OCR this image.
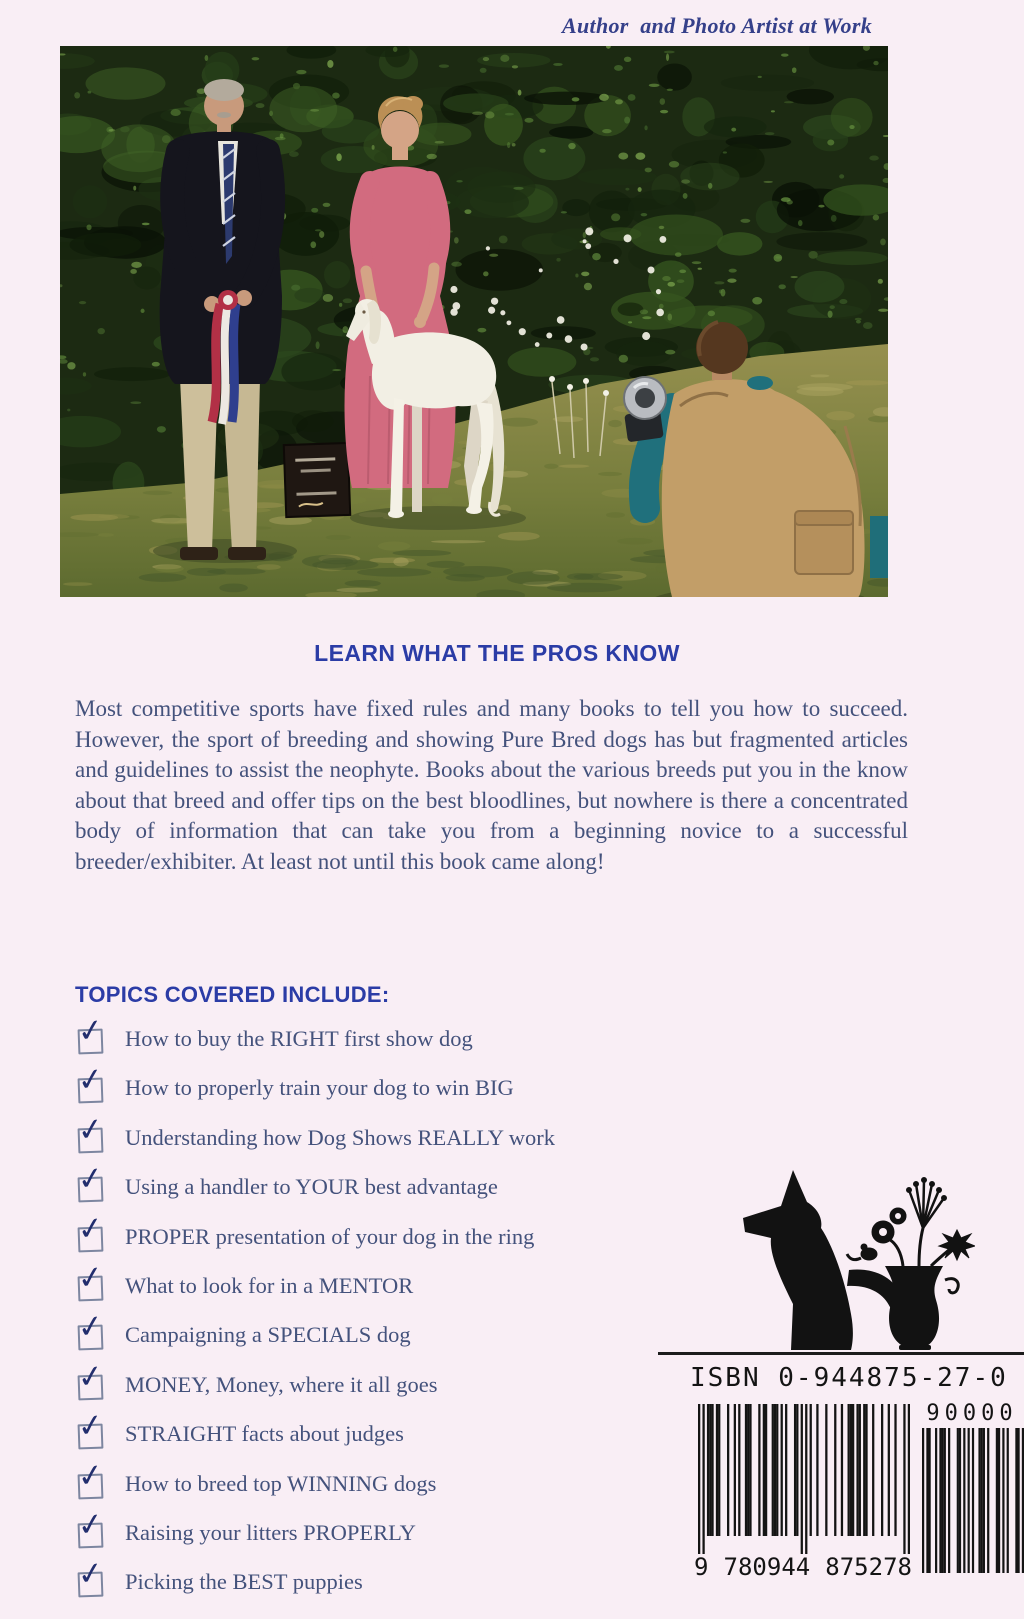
Author  and Photo Artist at Work
LEARN WHAT THE PROS KNOW

Most competitive sports have fixed rules and many books to tell you how to succeed. However, the sport of breeding and showing Pure Bred dogs has but fragmented articles and guidelines to assist the neophyte. Books about the various breeds put you in the know about that breed and offer tips on the best bloodlines, but nowhere is there a concentrated body of information that can take you from a beginning novice to a successful breeder/exhibiter. At least not until this book came along!

TOPICS COVERED INCLUDE:
✓ How to buy the RIGHT first show dog
✓ How to properly train your dog to win BIG
✓ Understanding how Dog Shows REALLY work
✓ Using a handler to YOUR best advantage
✓ PROPER presentation of your dog in the ring
✓ What to look for in a MENTOR
✓ Campaigning a SPECIALS dog
✓ MONEY, Money, where it all goes
✓ STRAIGHT facts about judges
✓ How to breed top WINNING dogs
✓ Raising your litters PROPERLY
✓ Picking the BEST puppies
ISBN 0-944875-27-0
90000
9 780944 875278
